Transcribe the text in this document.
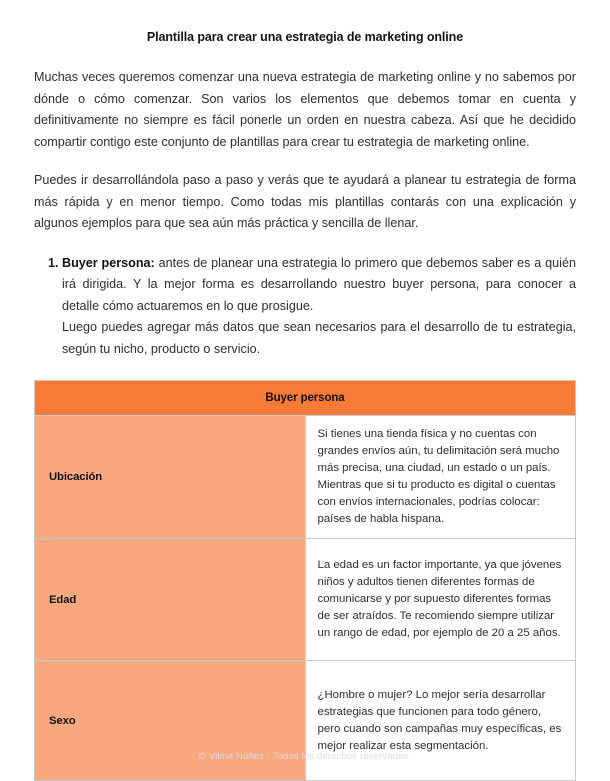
Plantilla para crear una estrategia de marketing online

Muchas veces queremos comenzar una nueva estrategia de marketing online y no sabemos por dónde o cómo comenzar. Son varios los elementos que debemos tomar en cuenta y definitivamente no siempre es fácil ponerle un orden en nuestra cabeza. Así que he decidido compartir contigo este conjunto de plantillas para crear tu estrategia de marketing online.

Puedes ir desarrollándola paso a paso y verás que te ayudará a planear tu estrategia de forma más rápida y en menor tiempo. Como todas mis plantillas contarás con una explicación y algunos ejemplos para que sea aún más práctica y sencilla de llenar.

1. Buyer persona: antes de planear una estrategia lo primero que debemos saber es a quién irá dirigida. Y la mejor forma es desarrollando nuestro buyer persona, para conocer a detalle cómo actuaremos en lo que prosigue.
Luego puedes agregar más datos que sean necesarios para el desarrollo de tu estrategia, según tu nicho, producto o servicio.
Buyer persona	
Ubicación	Si tienes una tienda física y no cuentas con grandes envíos aún, tu delimitación será mucho más precisa, una ciudad, un estado o un país. Mientras que si tu producto es digital o cuentas con envíos internacionales, podrías colocar: países de habla hispana.
Edad	La edad es un factor importante, ya que jóvenes niños y adultos tienen diferentes formas de comunicarse y por supuesto diferentes formas de ser atraídos. Te recomiendo siempre utilizar un rango de edad, por ejemplo de 20 a 25 años.
Sexo	¿Hombre o mujer? Lo mejor sería desarrollar estrategias que funcionen para todo género, pero cuando son campañas muy específicas, es mejor realizar esta segmentación.
© Vilma Núñez · Todos los derechos reservados.
